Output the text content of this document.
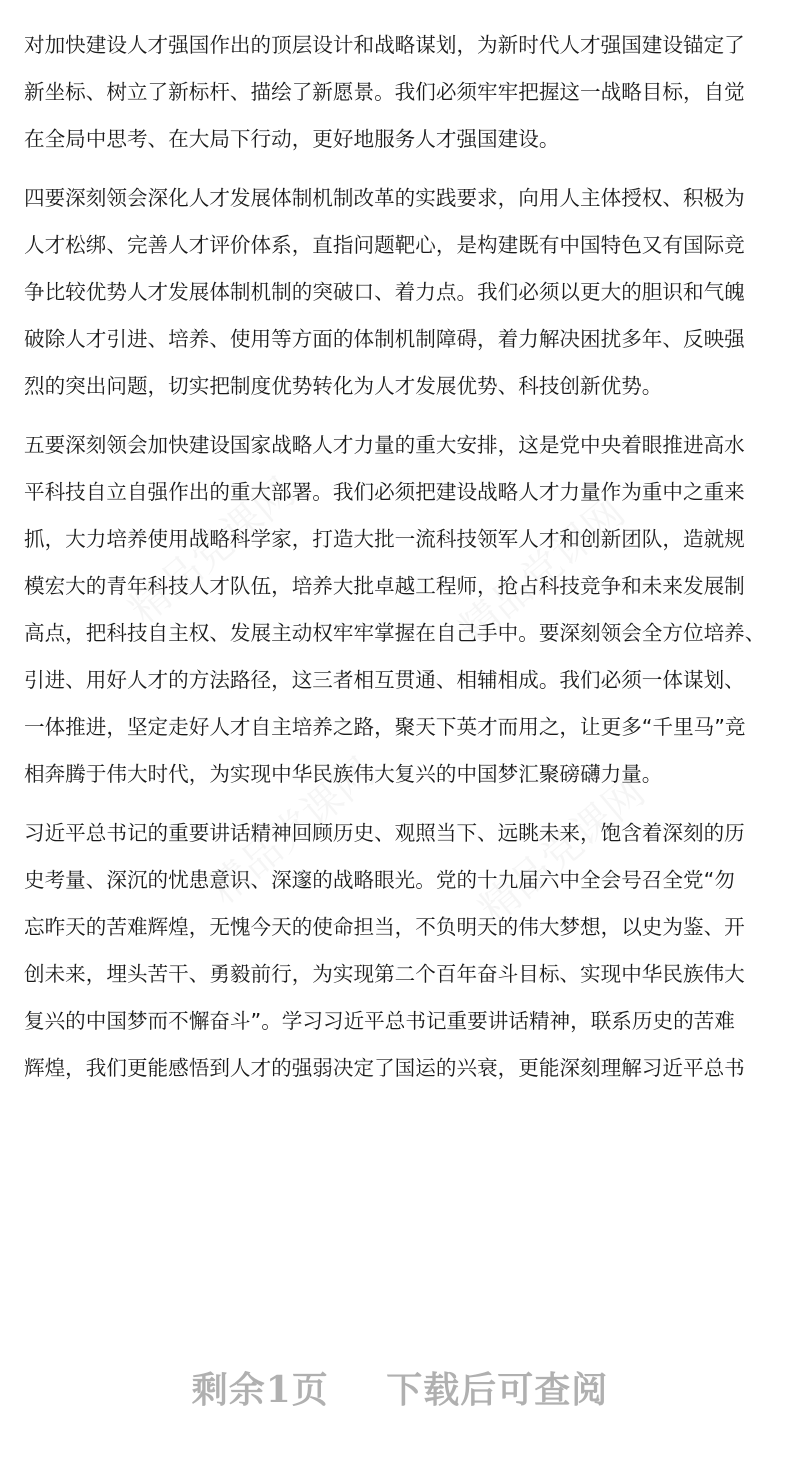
精品党课网	精品党课网
精品党课网 精品党课网
对加快建设人才强国作出的顶层设计和战略谋划，为新时代人才强国建设锚定了
新坐标、树立了新标杆、描绘了新愿景。我们必须牢牢把握这一战略目标，自觉
在全局中思考、在大局下行动，更好地服务人才强国建设。
四要深刻领会深化人才发展体制机制改革的实践要求，向用人主体授权、积极为
人才松绑、完善人才评价体系，直指问题靶心，是构建既有中国特色又有国际竞
争比较优势人才发展体制机制的突破口、着力点。我们必须以更大的胆识和气魄
破除人才引进、培养、使用等方面的体制机制障碍，着力解决困扰多年、反映强
烈的突出问题，切实把制度优势转化为人才发展优势、科技创新优势。
五要深刻领会加快建设国家战略人才力量的重大安排，这是党中央着眼推进高水
平科技自立自强作出的重大部署。我们必须把建设战略人才力量作为重中之重来
抓，大力培养使用战略科学家，打造大批一流科技领军人才和创新团队，造就规
模宏大的青年科技人才队伍，培养大批卓越工程师，抢占科技竞争和未来发展制
高点，把科技自主权、发展主动权牢牢掌握在自己手中。要深刻领会全方位培养、
引进、用好人才的方法路径，这三者相互贯通、相辅相成。我们必须一体谋划、
一体推进，坚定走好人才自主培养之路，聚天下英才而用之，让更多“千里马”竞
相奔腾于伟大时代，为实现中华民族伟大复兴的中国梦汇聚磅礴力量。
习近平总书记的重要讲话精神回顾历史、观照当下、远眺未来，饱含着深刻的历
史考量、深沉的忧患意识、深邃的战略眼光。党的十九届六中全会号召全党“勿
忘昨天的苦难辉煌，无愧今天的使命担当，不负明天的伟大梦想，以史为鉴、开
创未来，埋头苦干、勇毅前行，为实现第二个百年奋斗目标、实现中华民族伟大
复兴的中国梦而不懈奋斗”。学习习近平总书记重要讲话精神，联系历史的苦难
辉煌，我们更能感悟到人才的强弱决定了国运的兴衰，更能深刻理解习近平总书
剩余1页 下载后可查阅
